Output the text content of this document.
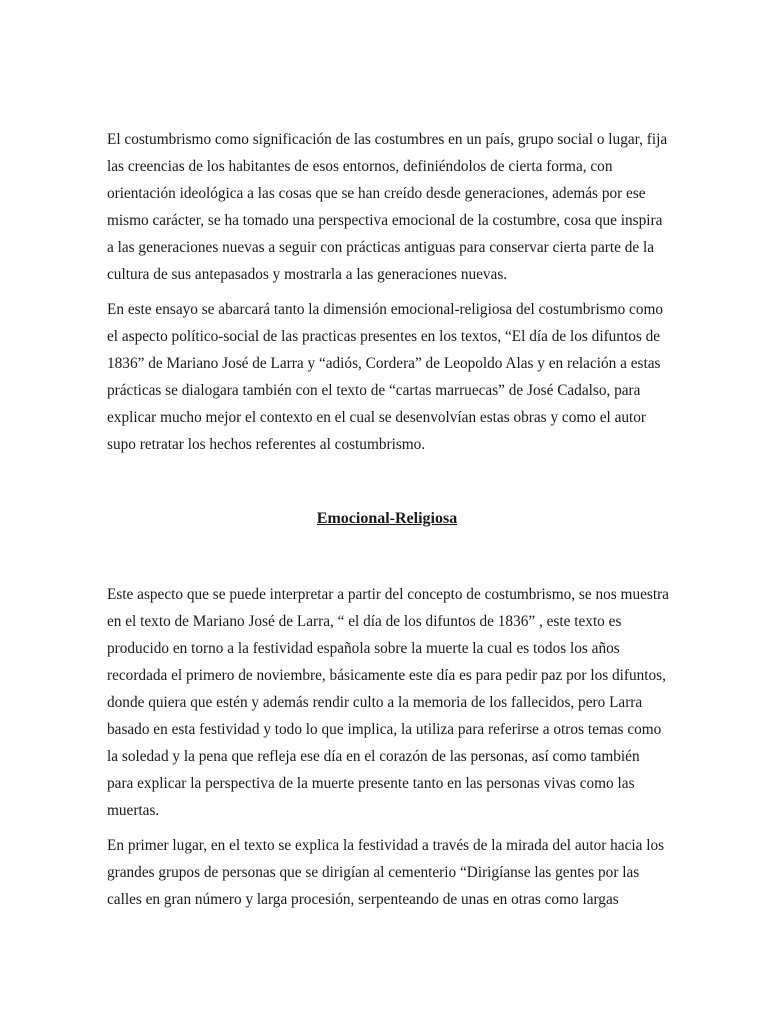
El costumbrismo como significación de las costumbres en un país, grupo social o lugar, fija
las creencias de los habitantes de esos entornos, definiéndolos de cierta forma, con
orientación ideológica a las cosas que se han creído desde generaciones, además por ese
mismo carácter, se ha tomado una perspectiva emocional de la costumbre, cosa que inspira
a las generaciones nuevas a seguir con prácticas antiguas para conservar cierta parte de la
cultura de sus antepasados y mostrarla a las generaciones nuevas.

En este ensayo se abarcará tanto la dimensión emocional-religiosa del costumbrismo como
el aspecto político-social de las practicas presentes en los textos, “El día de los difuntos de
1836” de Mariano José de Larra y “adiós, Cordera” de Leopoldo Alas y en relación a estas
prácticas se dialogara también con el texto de “cartas marruecas” de José Cadalso, para
explicar mucho mejor el contexto en el cual se desenvolvían estas obras y como el autor
supo retratar los hechos referentes al costumbrismo.

Emocional-Religiosa

Este aspecto que se puede interpretar a partir del concepto de costumbrismo, se nos muestra
en el texto de Mariano José de Larra, “ el día de los difuntos de 1836” , este texto es
producido en torno a la festividad española sobre la muerte la cual es todos los años
recordada el primero de noviembre, básicamente este día es para pedir paz por los difuntos,
donde quiera que estén y además rendir culto a la memoria de los fallecidos, pero Larra
basado en esta festividad y todo lo que implica, la utiliza para referirse a otros temas como
la soledad y la pena que refleja ese día en el corazón de las personas, así como también
para explicar la perspectiva de la muerte presente tanto en las personas vivas como las
muertas.

En primer lugar, en el texto se explica la festividad a través de la mirada del autor hacia los
grandes grupos de personas que se dirigían al cementerio “Dirigíanse las gentes por las
calles en gran número y larga procesión, serpenteando de unas en otras como largas
